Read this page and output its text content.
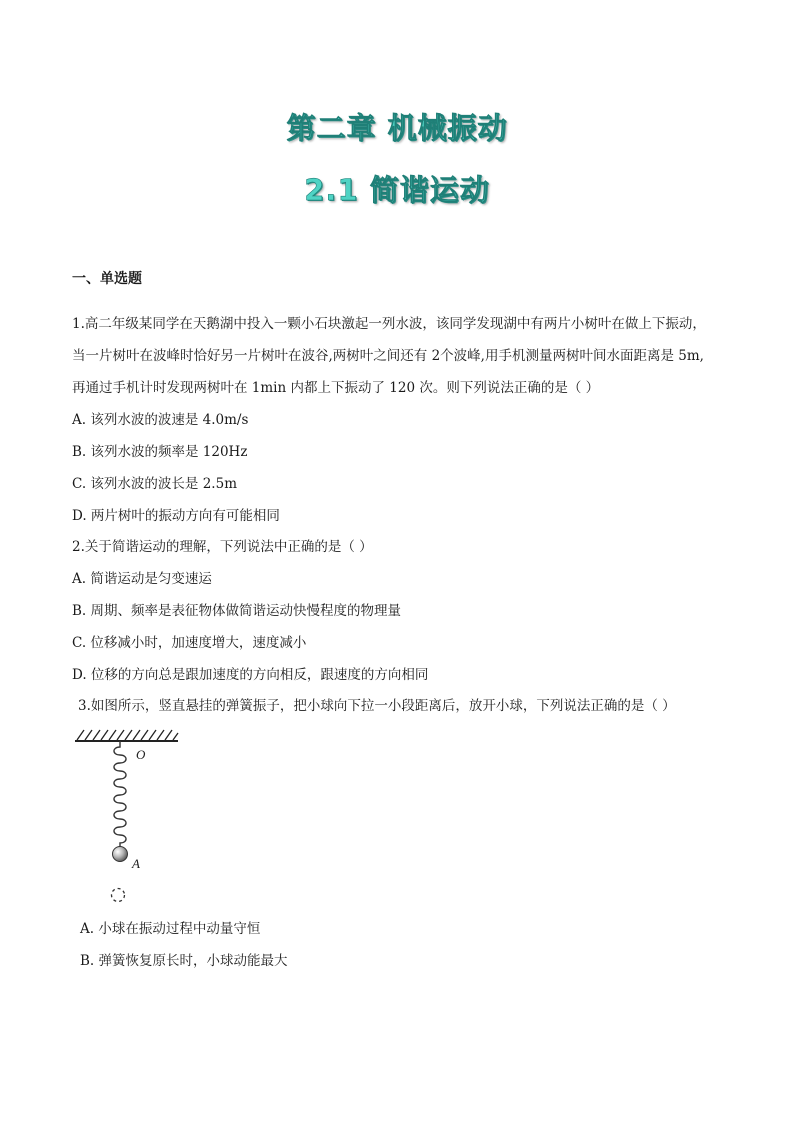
第二章 机械振动
2.1 简谐运动
一、单选题
1.高二年级某同学在天鹅湖中投入一颗小石块激起一列水波，该同学发现湖中有两片小树叶在做上下振动，
当一片树叶在波峰时恰好另一片树叶在波谷,两树叶之间还有 2个波峰,用手机测量两树叶间水面距离是 5m,
再通过手机计时发现两树叶在 1min 内都上下振动了 120 次。则下列说法正确的是（ ）
A. 该列水波的波速是 4.0m/s
B. 该列水波的频率是 120Hz
C. 该列水波的波长是 2.5m
D. 两片树叶的振动方向有可能相同
2.关于简谐运动的理解，下列说法中正确的是（ ）
A. 简谐运动是匀变速运
B. 周期、频率是表征物体做简谐运动快慢程度的物理量
C. 位移减小时，加速度增大，速度减小
D. 位移的方向总是跟加速度的方向相反，跟速度的方向相同
3.如图所示，竖直悬挂的弹簧振子，把小球向下拉一小段距离后，放开小球，下列说法正确的是（ ）
O
A
A. 小球在振动过程中动量守恒
B. 弹簧恢复原长时，小球动能最大
